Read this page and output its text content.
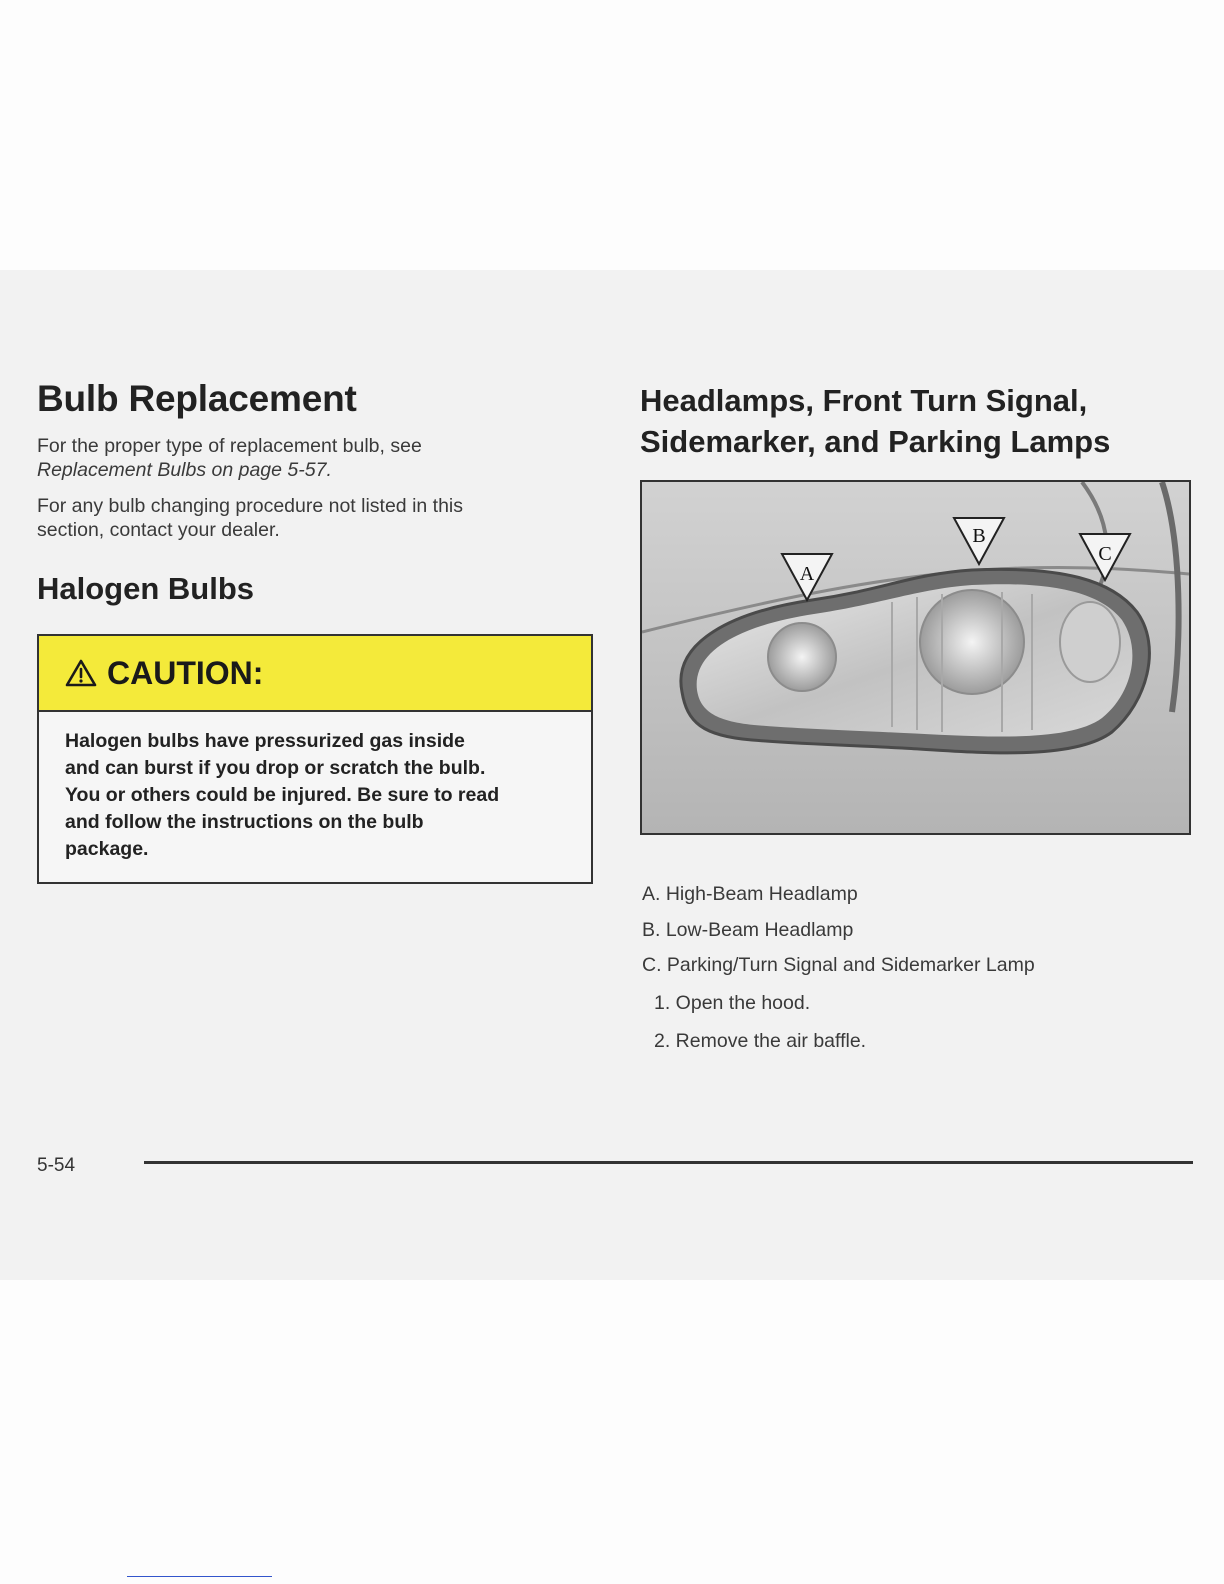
Bulb Replacement

For the proper type of replacement bulb, see
Replacement Bulbs on page 5-57.

For any bulb changing procedure not listed in this
section, contact your dealer.

Halogen Bulbs
CAUTION:
Halogen bulbs have pressurized gas inside
and can burst if you drop or scratch the bulb.
You or others could be injured. Be sure to read
and follow the instructions on the bulb
package.
Headlamps, Front Turn Signal,
Sidemarker, and Parking Lamps
A
B
C

A. High-Beam Headlamp

B. Low-Beam Headlamp

C. Parking/Turn Signal and Sidemarker Lamp

1. Open the hood.

2. Remove the air baffle.

5-54
